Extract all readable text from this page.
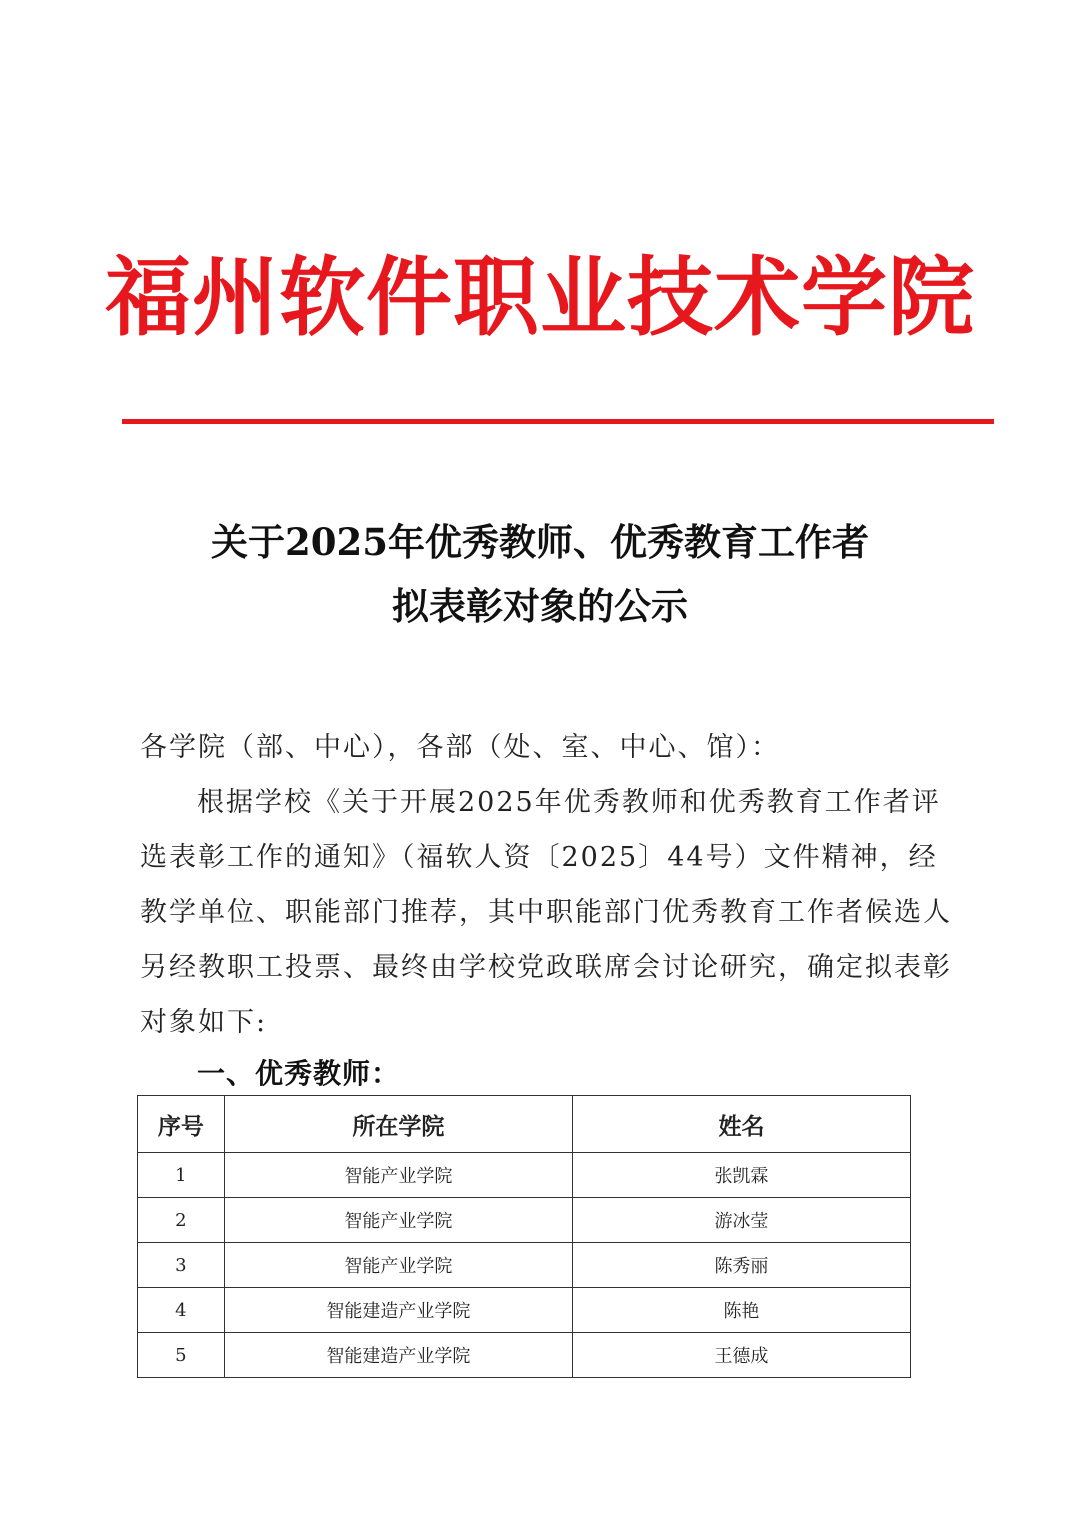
福州软件职业技术学院
关于2025年优秀教师、优秀教育工作者
拟表彰对象的公示
各学院（部、中心），各部（处、室、中心、馆）：
根据学校《关于开展2025年优秀教师和优秀教育工作者评
选表彰工作的通知》（福软人资〔2025〕44号）文件精神，经
教学单位、职能部门推荐，其中职能部门优秀教育工作者候选人
另经教职工投票、最终由学校党政联席会讨论研究，确定拟表彰
对象如下:
一、优秀教师：
序号	所在学院	姓名
1	智能产业学院	张凯霖
2	智能产业学院	游冰莹
3	智能产业学院	陈秀丽
4	智能建造产业学院	陈艳
5	智能建造产业学院	王德成
